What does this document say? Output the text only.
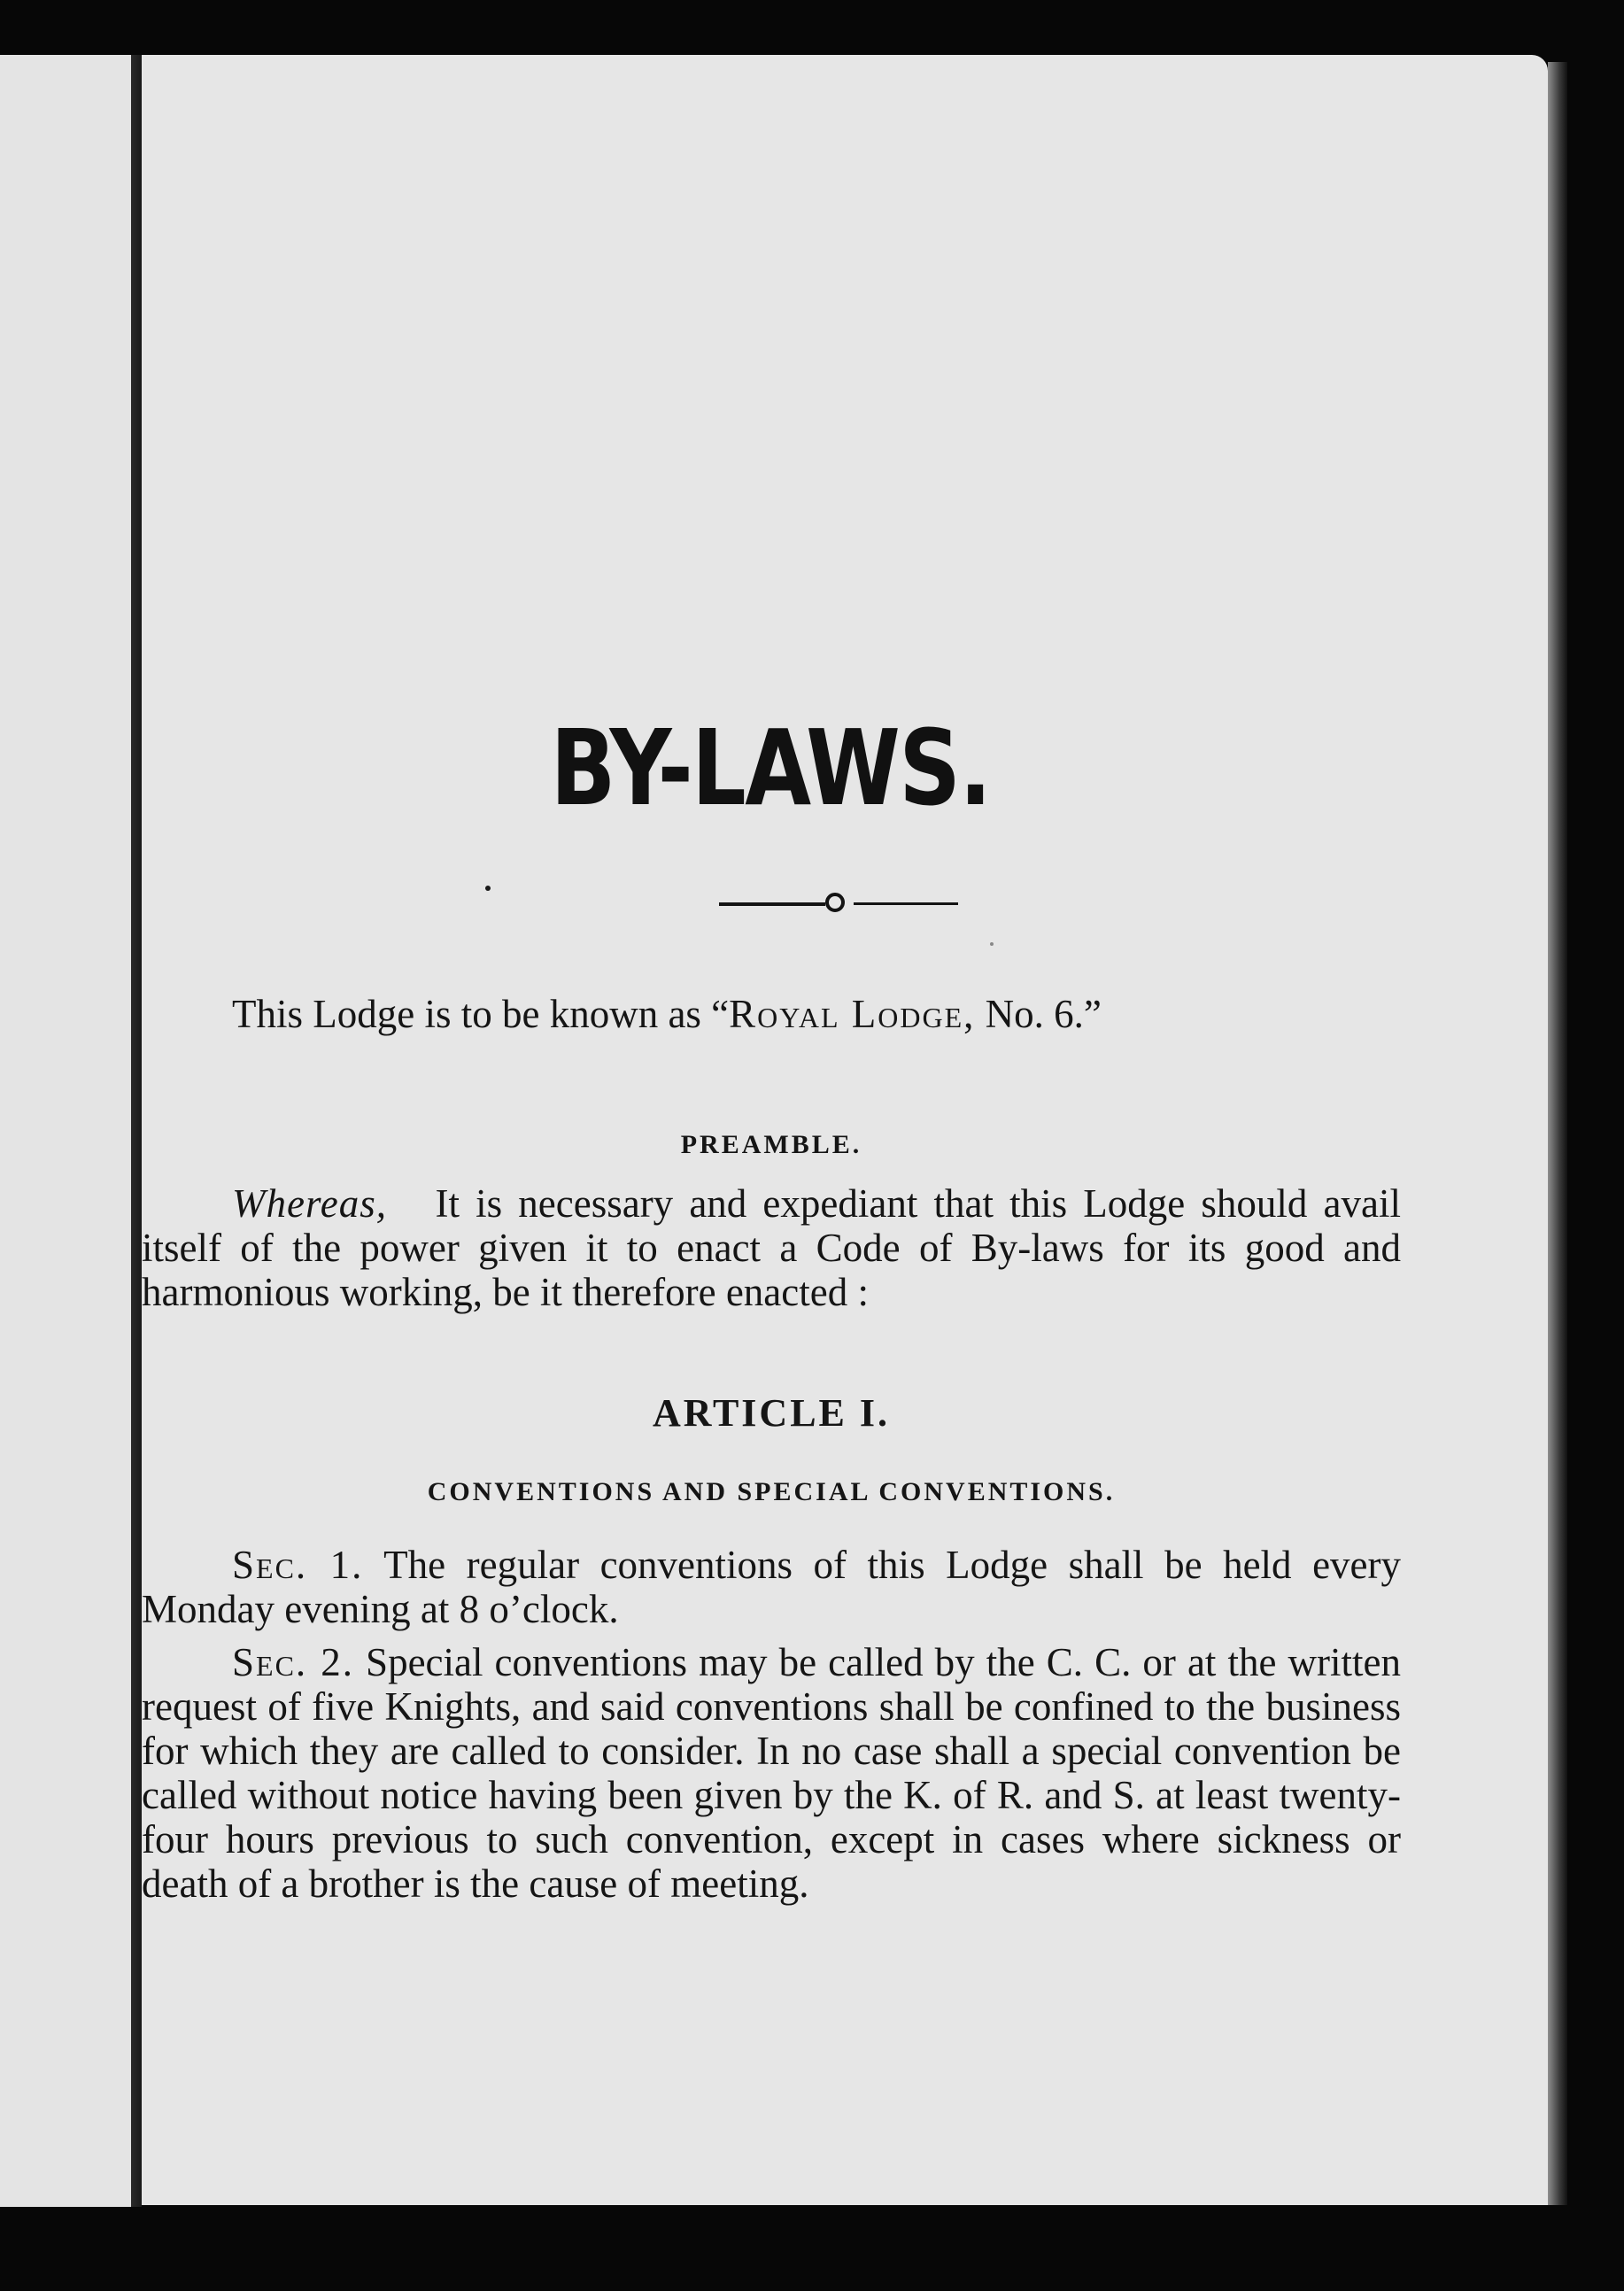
BY-LAWS.

This Lodge is to be known as “Royal Lodge, No. 6.”

PREAMBLE.

Whereas, It is necessary and expediant that this Lodge should avail itself of the power given it to enact a Code of By-laws for its good and harmonious working, be it therefore enacted :

ARTICLE I.
CONVENTIONS AND SPECIAL CONVENTIONS.

Sec. 1. The regular conventions of this Lodge shall be held every Monday evening at 8 o’clock.

Sec. 2. Special conventions may be called by the C. C. or at the written request of five Knights, and said conventions shall be confined to the business for which they are called to consider. In no case shall a special convention be called without notice having been given by the K. of R. and S. at least twenty-four hours previous to such convention, except in cases where sickness or death of a brother is the cause of meeting.
